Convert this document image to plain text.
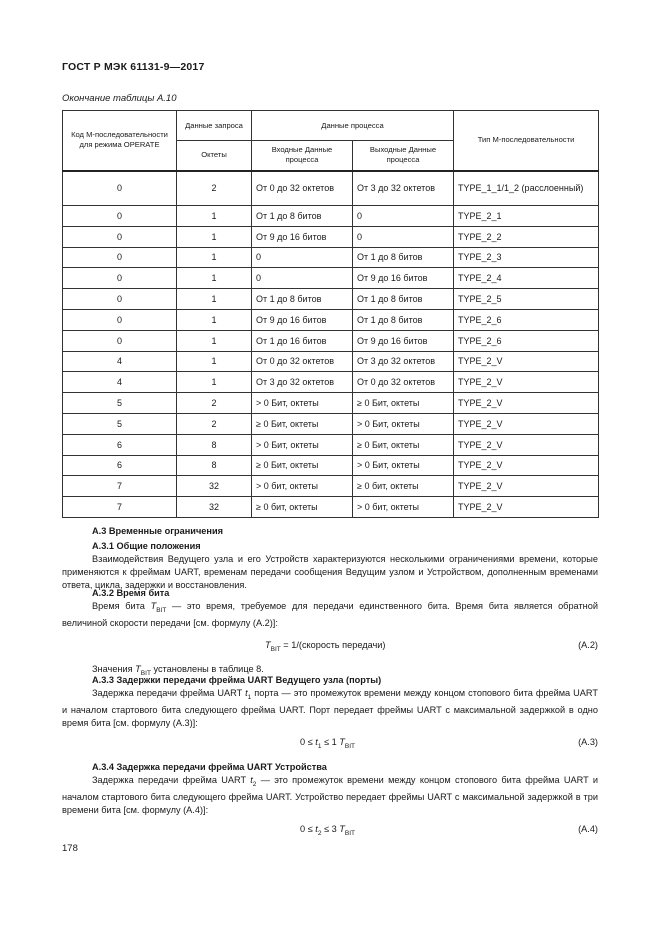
ГОСТ Р МЭК 61131-9—2017
Окончание таблицы А.10
Код М-последовательности для режима OPERATE	Данные запроса	Данные процесса		Тип М-последовательности
	Октеты	Входные Данные процесса	Выходные Данные процесса	
0	2	От 0 до 32 октетов	От 3 до 32 октетов	TYPE_1_1/1_2 (расслоенный)
0	1	От 1 до 8 битов	0	TYPE_2_1
0	1	От 9 до 16 битов	0	TYPE_2_2
0	1	0	От 1 до 8 битов	TYPE_2_3
0	1	0	От 9 до 16 битов	TYPE_2_4
0	1	От 1 до 8 битов	От 1 до 8 битов	TYPE_2_5
0	1	От 9 до 16 битов	От 1 до 8 битов	TYPE_2_6
0	1	От 1 до 16 битов	От 9 до 16 битов	TYPE_2_6
4	1	От 0 до 32 октетов	От 3 до 32 октетов	TYPE_2_V
4	1	От 3 до 32 октетов	От 0 до 32 октетов	TYPE_2_V
5	2	> 0 Бит, октеты	≥ 0 Бит, октеты	TYPE_2_V
5	2	≥ 0 Бит, октеты	> 0 Бит, октеты	TYPE_2_V
6	8	> 0 Бит, октеты	≥ 0 Бит, октеты	TYPE_2_V
6	8	≥ 0 Бит, октеты	> 0 Бит, октеты	TYPE_2_V
7	32	> 0 бит, октеты	≥ 0 бит, октеты	TYPE_2_V
7	32	≥ 0 бит, октеты	> 0 бит, октеты	TYPE_2_V
А.3 Временные ограничения
А.3.1 Общие положения
Взаимодействия Ведущего узла и его Устройств характеризуются несколькими ограничениями времени, которые применяются к фреймам UART, временам передачи сообщения Ведущим узлом и Устройством, дополненным временами ответа, цикла, задержки и восстановления.
А.3.2 Время бита
Время бита $T_{BIT}$ — это время, требуемое для передачи единственного бита. Время бита является обратной величиной скорости передачи [см. формулу (А.2)]:
$T_{BIT}$ = 1/(скорость передачи)	(А.2)
Значения $T_{BIT}$ установлены в таблице 8.
А.3.3 Задержки передачи фрейма UART Ведущего узла (порты)
Задержка передачи фрейма UART $t_1$ порта — это промежуток времени между концом стопового бита фрейма UART и началом стартового бита следующего фрейма UART. Порт передает фреймы UART с максимальной задержкой в одно время бита [см. формулу (А.3)]:
$0 \le t_1 \le 1$ $T_{BIT}$	(А.3)
А.3.4 Задержка передачи фрейма UART Устройства
Задержка передачи фрейма UART $t_2$ — это промежуток времени между концом стопового бита фрейма UART и началом стартового бита следующего фрейма UART. Устройство передает фреймы UART с максимальной задержкой в три времени бита [см. формулу (А.4)]:
$0 \le t_2 \le 3$ $T_{BIT}$	(А.4)
178
